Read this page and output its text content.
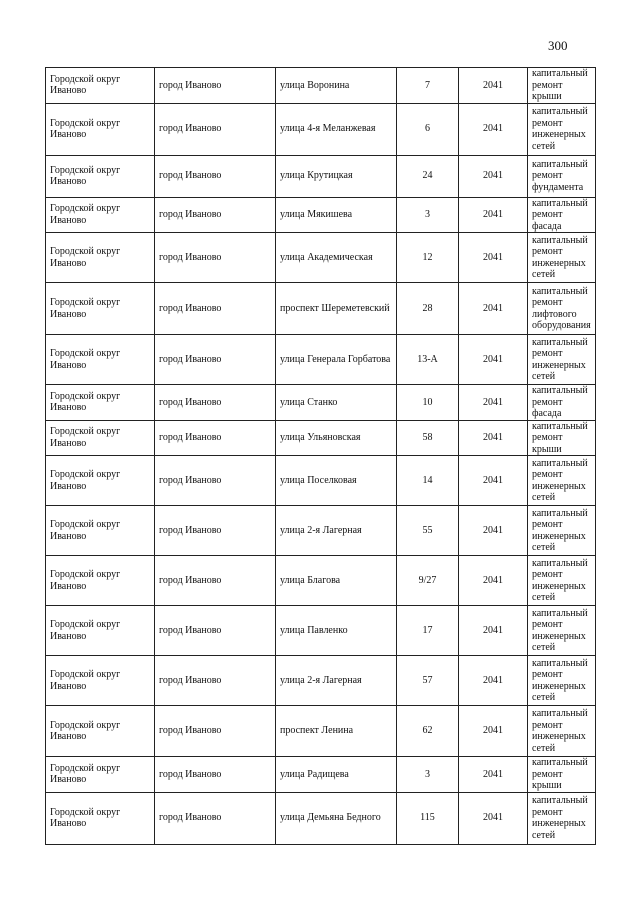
300
Городской округ Иваново	город Иваново	улица Воронина	7	2041	капитальный ремонт крыши
Городской округ Иваново	город Иваново	улица 4-я Меланжевая	6	2041	капитальный ремонт инженерных сетей
Городской округ Иваново	город Иваново	улица Крутицкая	24	2041	капитальный ремонт фундамента
Городской округ Иваново	город Иваново	улица Мякишева	3	2041	капитальный ремонт фасада
Городской округ Иваново	город Иваново	улица Академическая	12	2041	капитальный ремонт инженерных сетей
Городской округ Иваново	город Иваново	проспект Шереметевский	28	2041	капитальный ремонт лифтового оборудования
Городской округ Иваново	город Иваново	улица Генерала Горбатова	13-А	2041	капитальный ремонт инженерных сетей
Городской округ Иваново	город Иваново	улица Станко	10	2041	капитальный ремонт фасада
Городской округ Иваново	город Иваново	улица Ульяновская	58	2041	капитальный ремонт крыши
Городской округ Иваново	город Иваново	улица Поселковая	14	2041	капитальный ремонт инженерных сетей
Городской округ Иваново	город Иваново	улица 2-я Лагерная	55	2041	капитальный ремонт инженерных сетей
Городской округ Иваново	город Иваново	улица Благова	9/27	2041	капитальный ремонт инженерных сетей
Городской округ Иваново	город Иваново	улица Павленко	17	2041	капитальный ремонт инженерных сетей
Городской округ Иваново	город Иваново	улица 2-я Лагерная	57	2041	капитальный ремонт инженерных сетей
Городской округ Иваново	город Иваново	проспект Ленина	62	2041	капитальный ремонт инженерных сетей
Городской округ Иваново	город Иваново	улица Радищева	3	2041	капитальный ремонт крыши
Городской округ Иваново	город Иваново	улица Демьяна Бедного	115	2041	капитальный ремонт инженерных сетей
